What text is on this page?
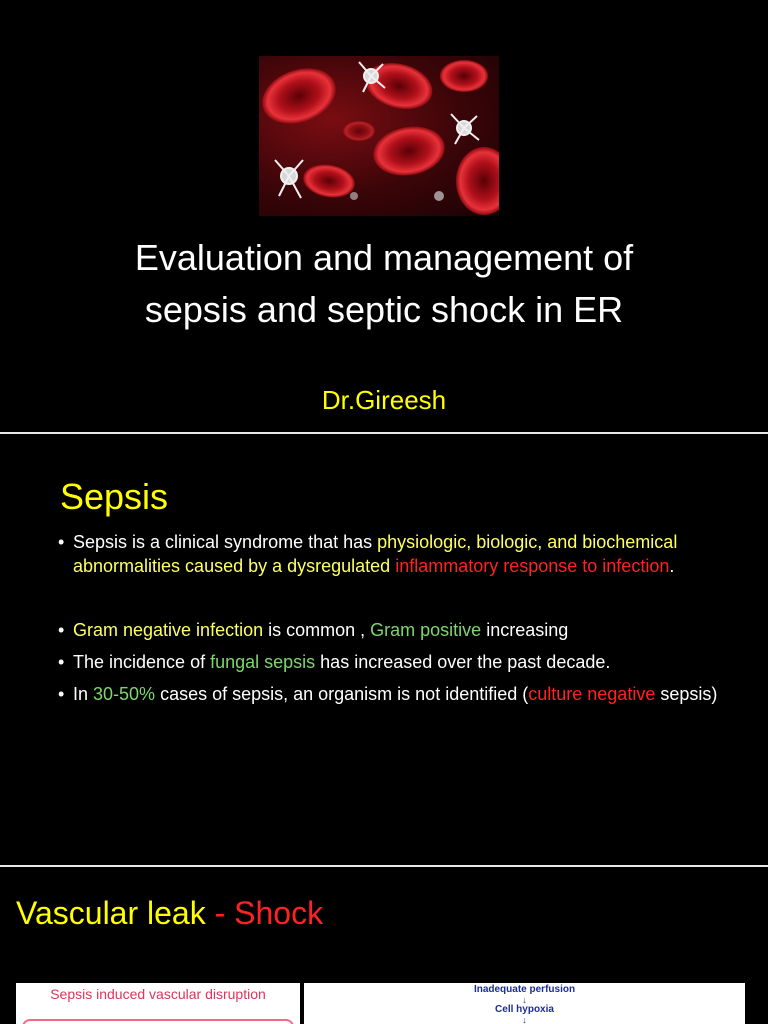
Evaluation and management of
sepsis and septic shock in ER
Dr.Gireesh
Sepsis
• Sepsis is a clinical syndrome that has physiologic, biologic, and biochemical abnormalities caused by a dysregulated inflammatory response to infection.
• Gram negative infection is common , Gram positive increasing
• The incidence of fungal sepsis has increased over the past decade.
• In 30-50% cases of sepsis, an organism is not identified (culture negative sepsis)
Vascular leak - Shock
Sepsis induced vascular disruption	Inadequate perfusion
↓
Cell hypoxia
↓
